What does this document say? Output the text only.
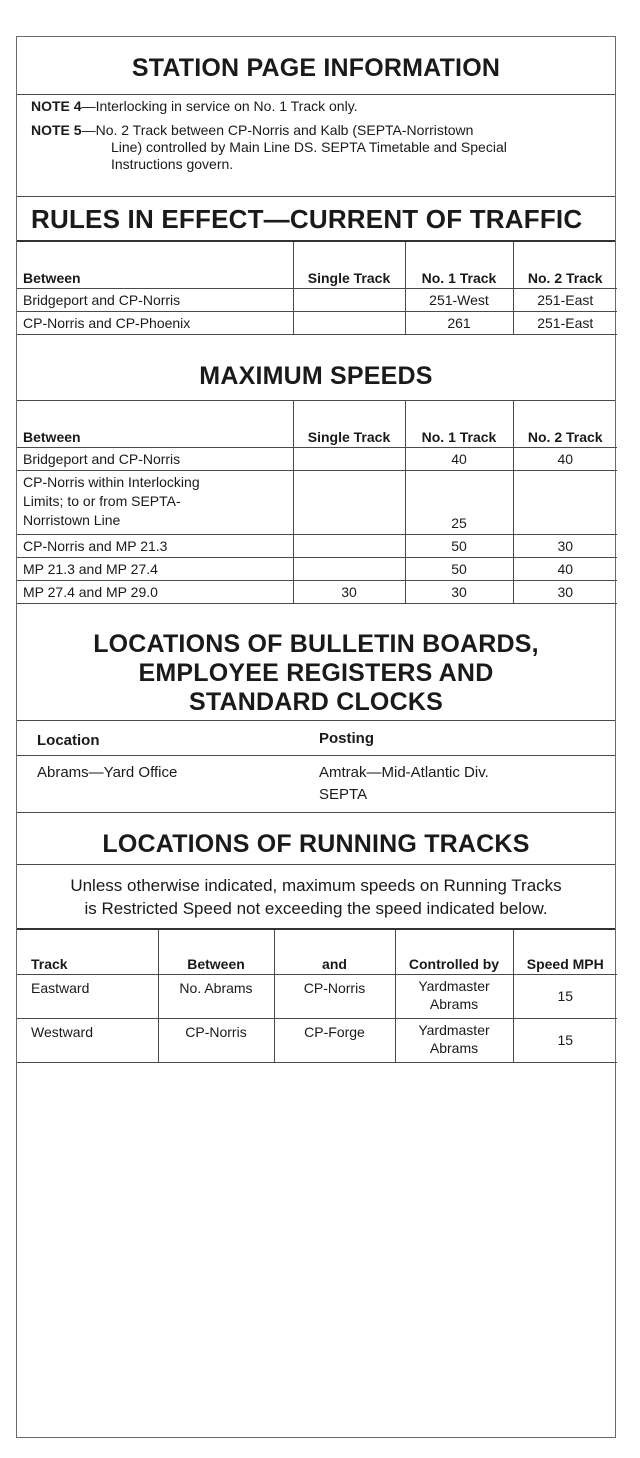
STATION PAGE INFORMATION
NOTE 4—Interlocking in service on No. 1 Track only.
NOTE 5—No. 2 Track between CP-Norris and Kalb (SEPTA-Norristown
Line) controlled by Main Line DS. SEPTA Timetable and Special
Instructions govern.
RULES IN EFFECT—CURRENT OF TRAFFIC
Between	Single Track	No. 1 Track	No. 2 Track
Bridgeport and CP-Norris		251-West	251-East
CP-Norris and CP-Phoenix		261	251-East
MAXIMUM SPEEDS
Between	Single Track	No. 1 Track	No. 2 Track
Bridgeport and CP-Norris		40	40
CP-Norris within Interlocking Limits; to or from SEPTA-Norristown Line		25	
CP-Norris and MP 21.3		50	30
MP 21.3 and MP 27.4		50	40
MP 27.4 and MP 29.0	30	30	30
LOCATIONS OF BULLETIN BOARDS,
EMPLOYEE REGISTERS AND
STANDARD CLOCKS
Location	Posting
Abrams—Yard Office	Amtrak—Mid-Atlantic Div.
SEPTA
LOCATIONS OF RUNNING TRACKS
Unless otherwise indicated, maximum speeds on Running Tracks
is Restricted Speed not exceeding the speed indicated below.
Track	Between	and	Controlled by	Speed MPH
Eastward	No. Abrams	CP-Norris	Yardmaster Abrams	15
Westward	CP-Norris	CP-Forge	Yardmaster Abrams	15
